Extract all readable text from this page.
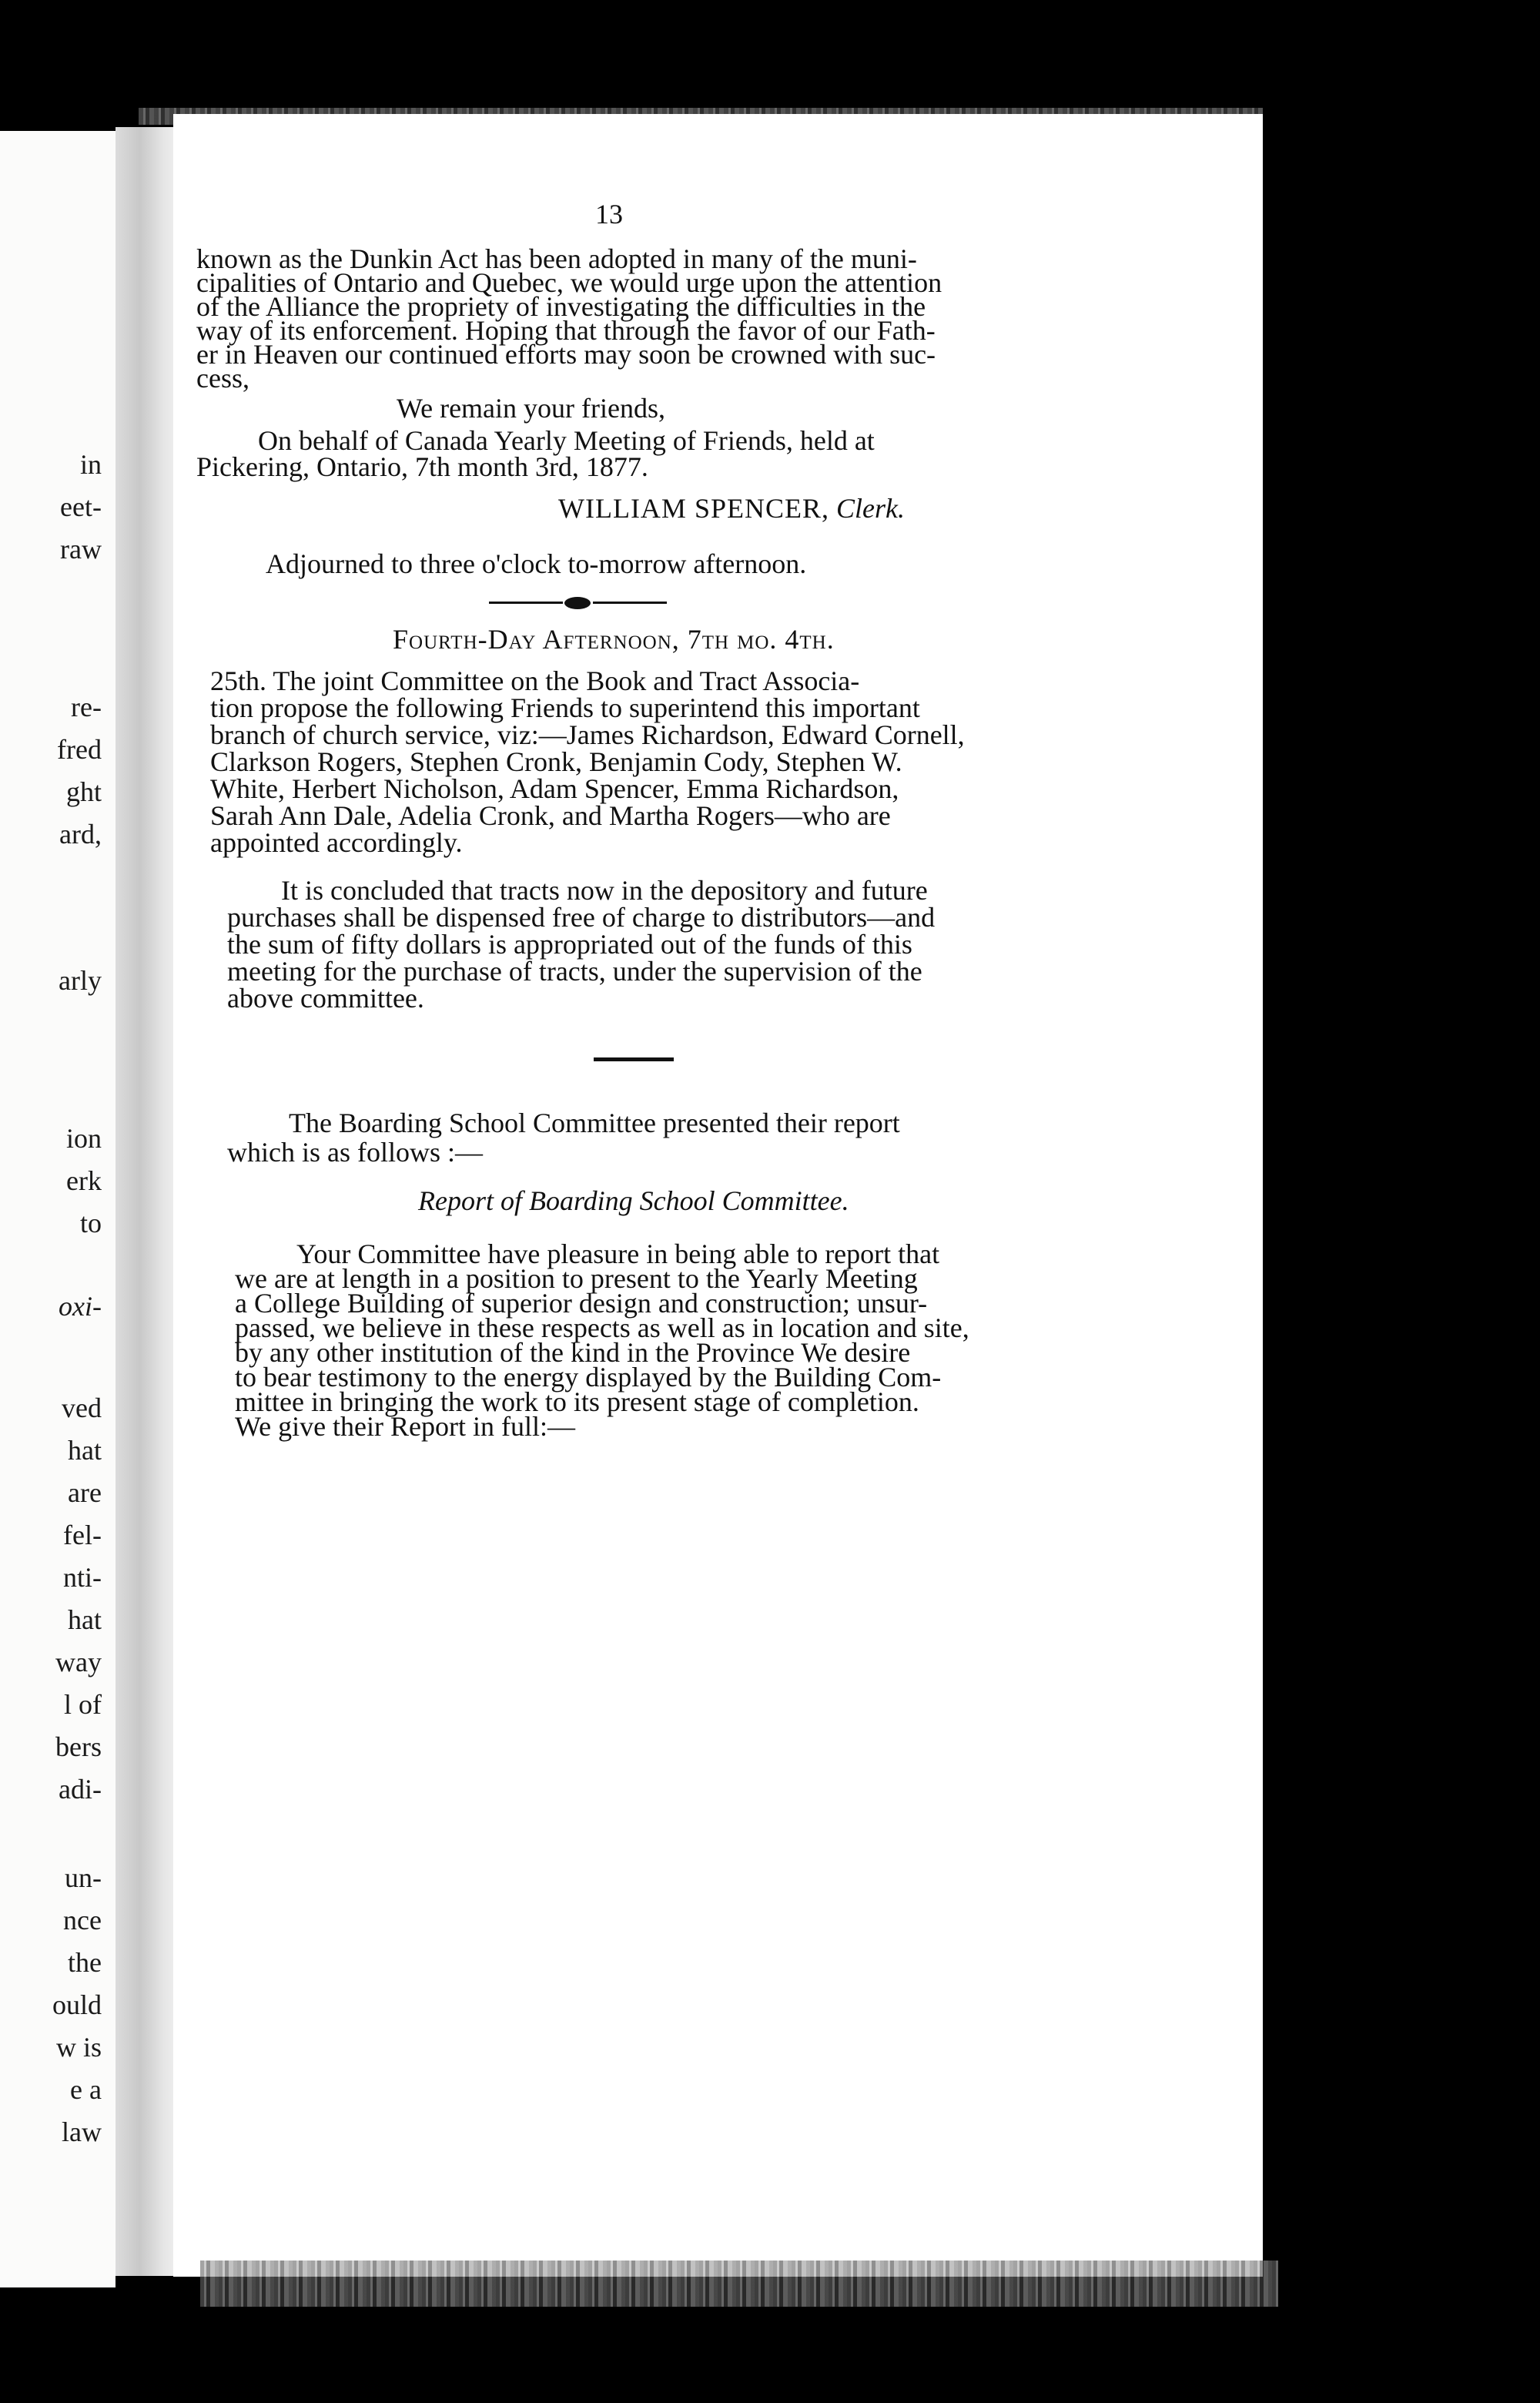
in
eet-
raw
re-
fred
ght
ard,
arly
ion
erk
to
oxi-
ved
hat
are
fel-
nti-
hat
way
l of
bers
adi-
un-
nce
the
ould
w is
e a
law
13
known as the Dunkin Act has been adopted in many of the muni-
cipalities of Ontario and Quebec, we would urge upon the attention
of the Alliance the propriety of investigating the difficulties in the
way of its enforcement. Hoping that through the favor of our Fath-
er in Heaven our continued efforts may soon be crowned with suc-
cess,
We remain your friends,
On behalf of Canada Yearly Meeting of Friends, held at
Pickering, Ontario, 7th month 3rd, 1877.
WILLIAM SPENCER, Clerk.
Adjourned to three o'clock to-morrow afternoon.
Fourth-Day Afternoon, 7th mo. 4th.
25th. The joint Committee on the Book and Tract Associa-
tion propose the following Friends to superintend this important
branch of church service, viz:—James Richardson, Edward Cornell,
Clarkson Rogers, Stephen Cronk, Benjamin Cody, Stephen W.
White, Herbert Nicholson, Adam Spencer, Emma Richardson,
Sarah Ann Dale, Adelia Cronk, and Martha Rogers—who are
appointed accordingly.
It is concluded that tracts now in the depository and future
purchases shall be dispensed free of charge to distributors—and
the sum of fifty dollars is appropriated out of the funds of this
meeting for the purchase of tracts, under the supervision of the
above committee.
The Boarding School Committee presented their report
which is as follows :—
Report of Boarding School Committee.
Your Committee have pleasure in being able to report that
we are at length in a position to present to the Yearly Meeting
a College Building of superior design and construction; unsur-
passed, we believe in these respects as well as in location and site,
by any other institution of the kind in the Province We desire
to bear testimony to the energy displayed by the Building Com-
mittee in bringing the work to its present stage of completion.
We give their Report in full:—
